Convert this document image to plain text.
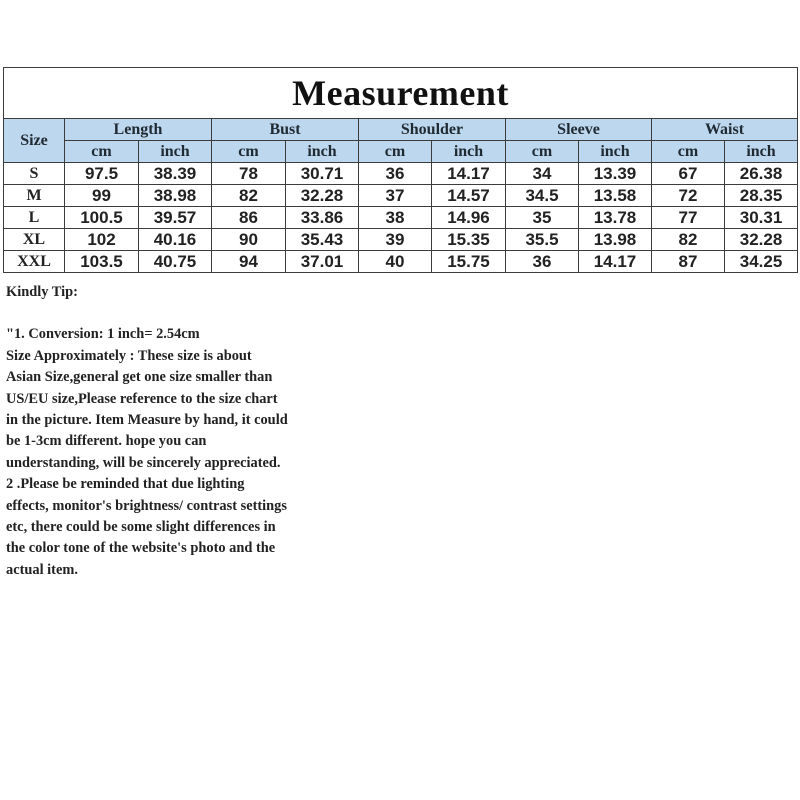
Measurement										
Size	Length		Bust		Shoulder		Sleeve		Waist	
	cm	inch	cm	inch	cm	inch	cm	inch	cm	inch
S	97.5	38.39	78	30.71	36	14.17	34	13.39	67	26.38
M	99	38.98	82	32.28	37	14.57	34.5	13.58	72	28.35
L	100.5	39.57	86	33.86	38	14.96	35	13.78	77	30.31
XL	102	40.16	90	35.43	39	15.35	35.5	13.98	82	32.28
XXL	103.5	40.75	94	37.01	40	15.75	36	14.17	87	34.25

Kindly Tip:

"1. Conversion: 1 inch= 2.54cm

Size Approximately : These size is about

Asian Size,general get one size smaller than

US/EU size,Please reference to the size chart

in the picture. Item Measure by hand, it could

be 1-3cm different. hope you can

understanding, will be sincerely appreciated.

2 .Please be reminded that due lighting

effects, monitor's brightness/ contrast settings

etc, there could be some slight differences in

the color tone of the website's photo and the

actual item.
